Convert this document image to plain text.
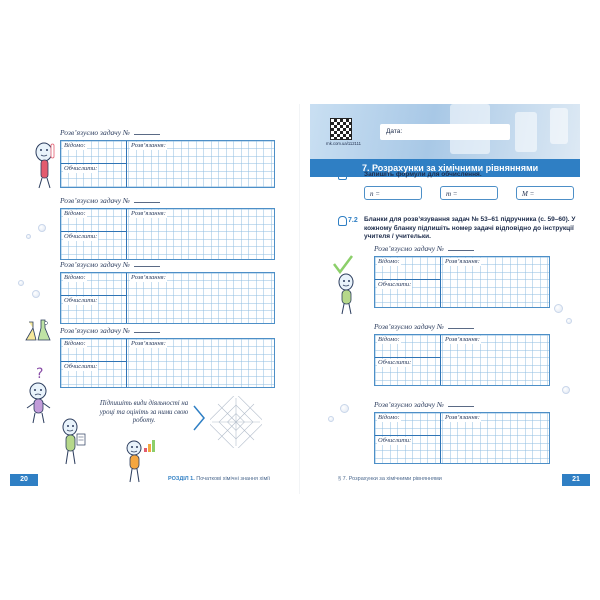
Розв’язуємо задачу №
Відомо:	Розв’язання:
Обчислити:
Розв’язуємо задачу №
Відомо:	Розв’язання:
Обчислити:
Розв’язуємо задачу №
Відомо:	Розв’язання:
Обчислити:
Розв’язуємо задачу №
Відомо:	Розв’язання:
Обчислити:
?
Підпишіть види діяльності на уроці та оцініть за ними свою роботу.
20	РОЗДІЛ 1. Початкові хімічні знання хімії
rnk.com.ua/112111
Дата:
7. Розрахунки за хімічними рівняннями
7.1 Запишіть формули для обчислення.
n =	m =	M =
7.2 Бланки для розв’язування задач № 53–61 підручника (с. 59–60). У кожному бланку підпишіть номер задачі відповідно до інструкції учителя / учительки.
Розв’язуємо задачу №
Відомо:	Розв’язання:
Обчислити:
Розв’язуємо задачу №
Відомо:	Розв’язання:
Обчислити:
Розв’язуємо задачу №
Відомо:	Розв’язання:
Обчислити:
§ 7. Розрахунки за хімічними рівняннями	21
